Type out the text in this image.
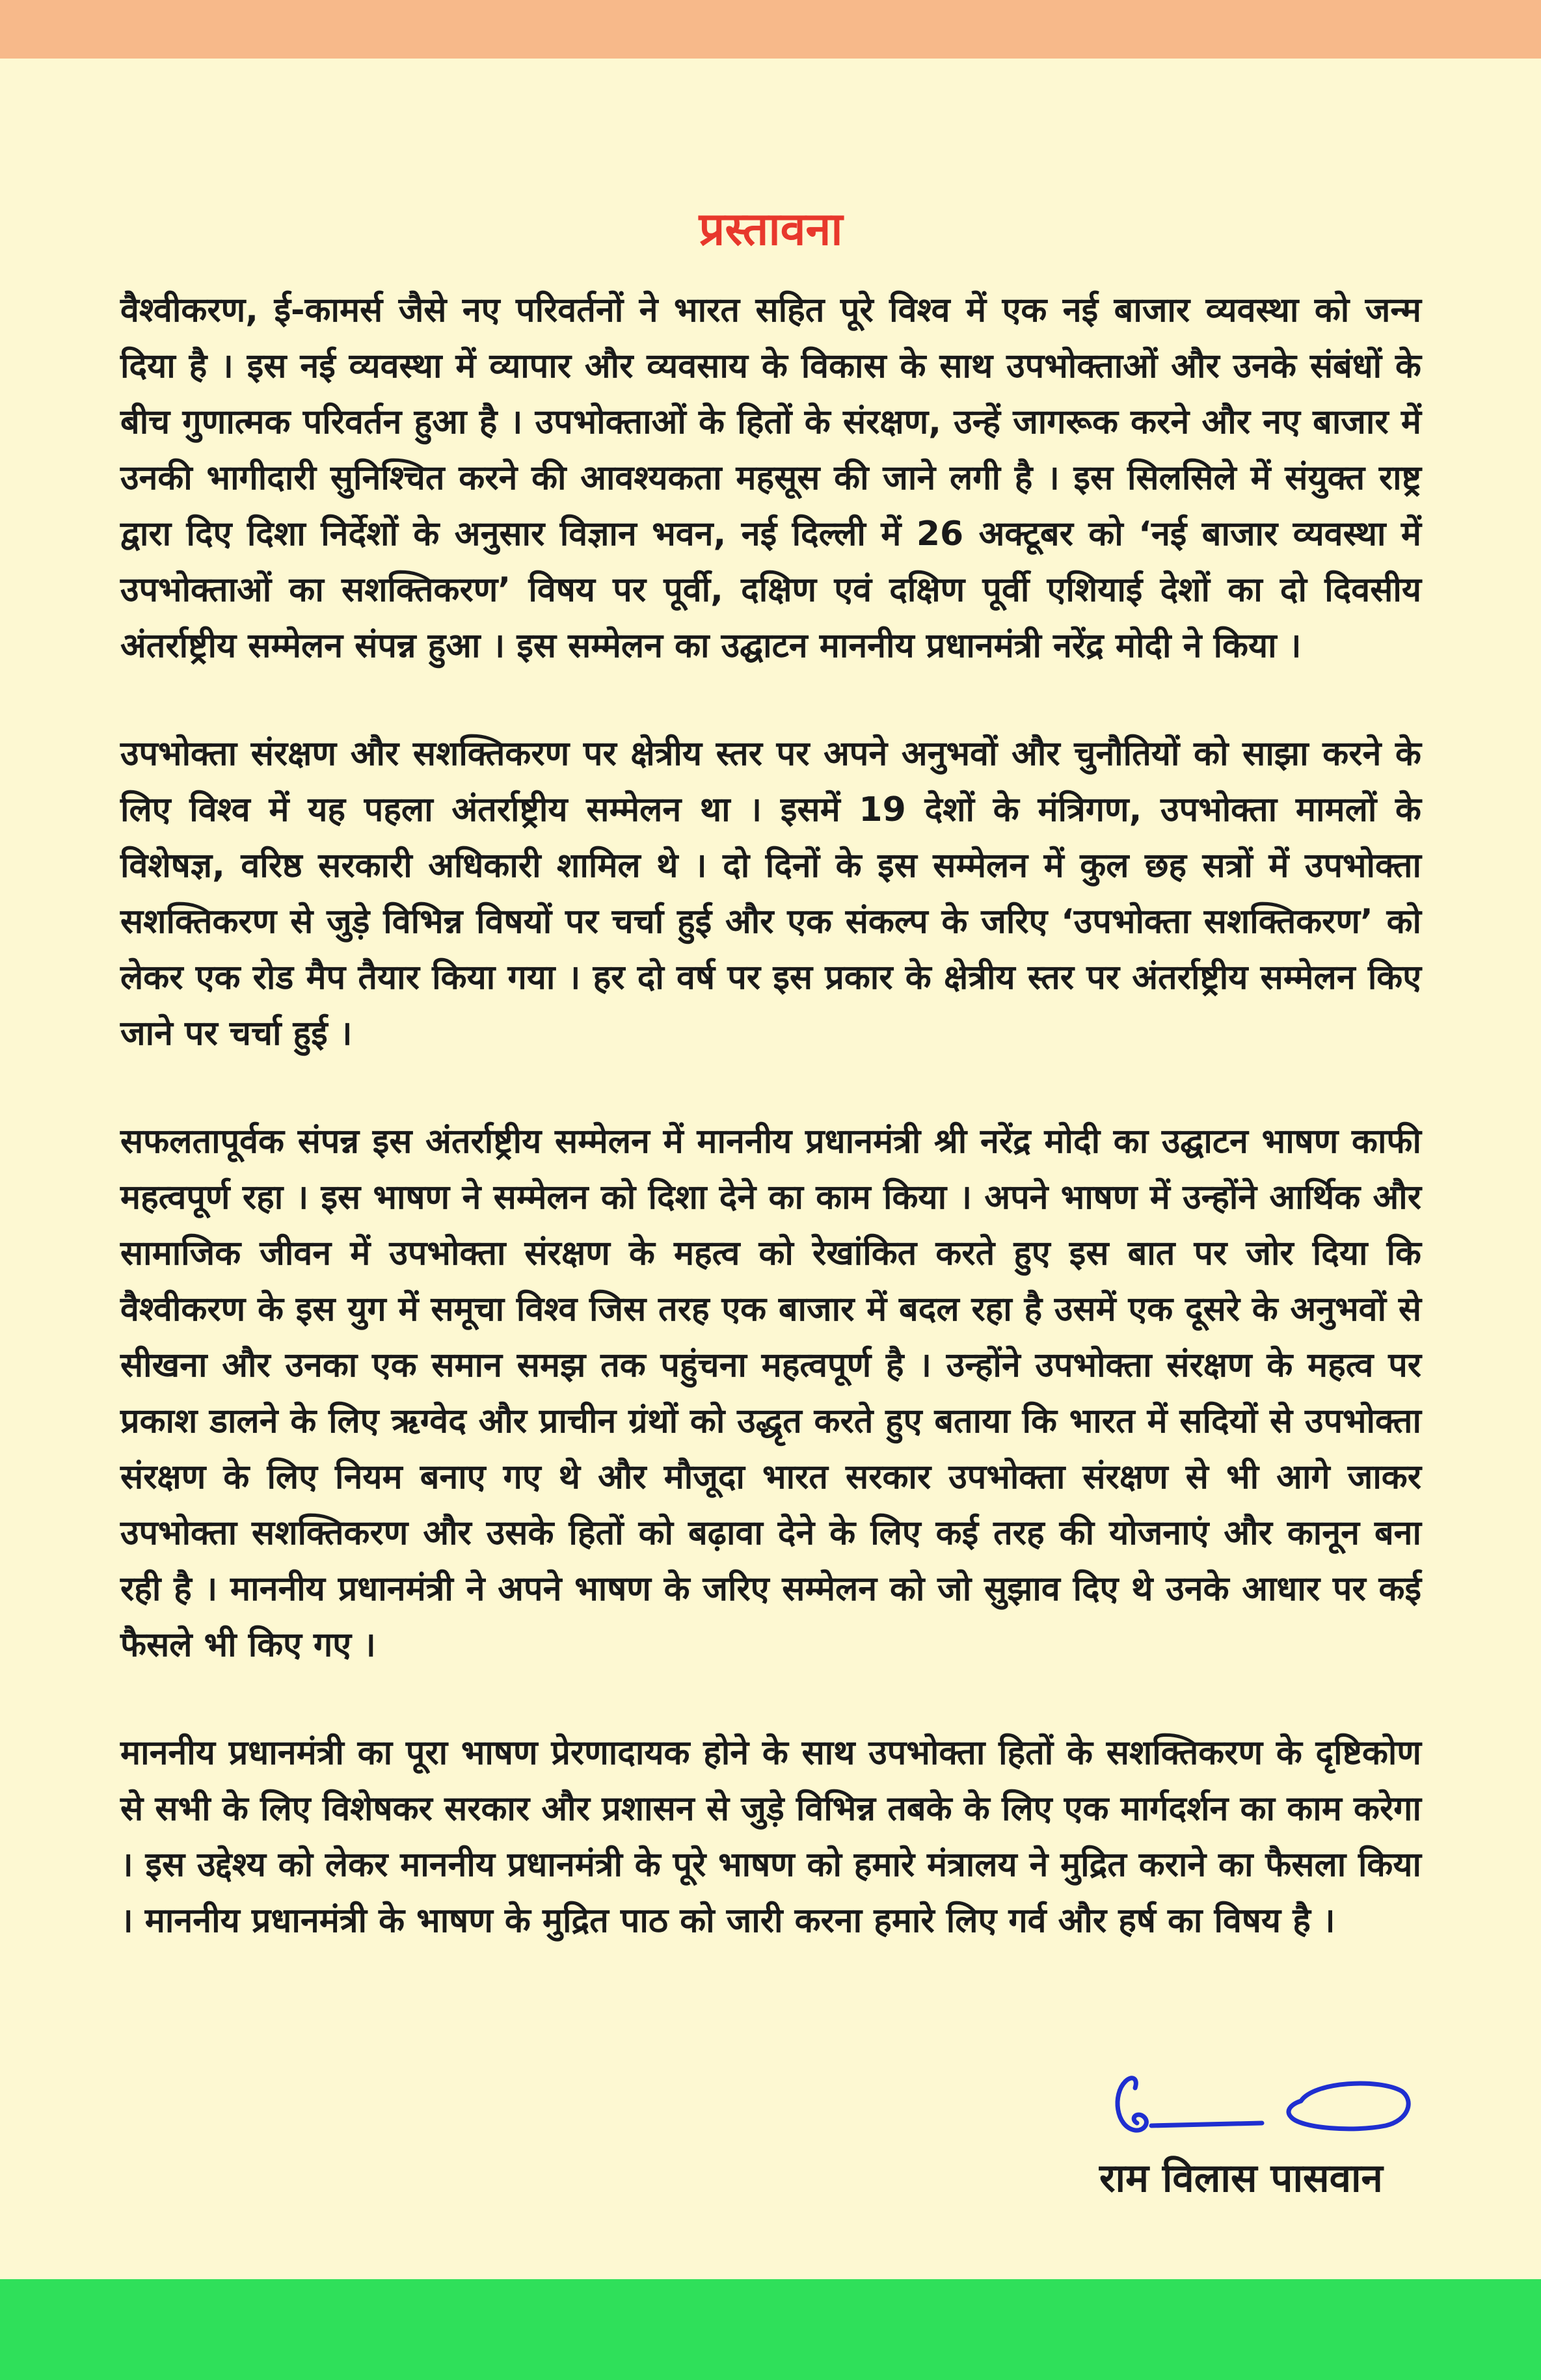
प्रस्तावना

वैश्वीकरण, ई-कामर्स जैसे नए परिवर्तनों ने भारत सहित पूरे विश्व में एक नई बाजार व्यवस्था को जन्म दिया है । इस नई व्यवस्था में व्यापार और व्यवसाय के विकास के साथ उपभोक्ताओं और उनके संबंधों के बीच गुणात्मक परिवर्तन हुआ है । उपभोक्ताओं के हितों के संरक्षण, उन्हें जागरूक करने और नए बाजार में उनकी भागीदारी सुनिश्चित करने की आवश्यकता महसूस की जाने लगी है । इस सिलसिले में संयुक्त राष्ट्र द्वारा दिए दिशा निर्देशों के अनुसार विज्ञान भवन, नई दिल्ली में 26 अक्टूबर को ‘नई बाजार व्यवस्था में उपभोक्ताओं का सशक्तिकरण’ विषय पर पूर्वी, दक्षिण एवं दक्षिण पूर्वी एशियाई देशों का दो दिवसीय अंतर्राष्ट्रीय सम्मेलन संपन्न हुआ । इस सम्मेलन का उद्घाटन माननीय प्रधानमंत्री नरेंद्र मोदी ने किया ।

उपभोक्ता संरक्षण और सशक्तिकरण पर क्षेत्रीय स्तर पर अपने अनुभवों और चुनौतियों को साझा करने के लिए विश्व में यह पहला अंतर्राष्ट्रीय सम्मेलन था । इसमें 19 देशों के मंत्रिगण, उपभोक्ता मामलों के विशेषज्ञ, वरिष्ठ सरकारी अधिकारी शामिल थे । दो दिनों के इस सम्मेलन में कुल छह सत्रों में उपभोक्ता सशक्तिकरण से जुड़े विभिन्न विषयों पर चर्चा हुई और एक संकल्प के जरिए ‘उपभोक्ता सशक्तिकरण’ को लेकर एक रोड मैप तैयार किया गया । हर दो वर्ष पर इस प्रकार के क्षेत्रीय स्तर पर अंतर्राष्ट्रीय सम्मेलन किए जाने पर चर्चा हुई ।

सफलतापूर्वक संपन्न इस अंतर्राष्ट्रीय सम्मेलन में माननीय प्रधानमंत्री श्री नरेंद्र मोदी का उद्घाटन भाषण काफी महत्वपूर्ण रहा । इस भाषण ने सम्मेलन को दिशा देने का काम किया । अपने भाषण में उन्होंने आर्थिक और सामाजिक जीवन में उपभोक्ता संरक्षण के महत्व को रेखांकित करते हुए इस बात पर जोर दिया कि वैश्वीकरण के इस युग में समूचा विश्व जिस तरह एक बाजार में बदल रहा है उसमें एक दूसरे के अनुभवों से सीखना और उनका एक समान समझ तक पहुंचना महत्वपूर्ण है । उन्होंने उपभोक्ता संरक्षण के महत्व पर प्रकाश डालने के लिए ऋग्वेद और प्राचीन ग्रंथों को उद्धृत करते हुए बताया कि भारत में सदियों से उपभोक्ता संरक्षण के लिए नियम बनाए गए थे और मौजूदा भारत सरकार उपभोक्ता संरक्षण से भी आगे जाकर उपभोक्ता सशक्तिकरण और उसके हितों को बढ़ावा देने के लिए कई तरह की योजनाएं और कानून बना रही है । माननीय प्रधानमंत्री ने अपने भाषण के जरिए सम्मेलन को जो सुझाव दिए थे उनके आधार पर कई फैसले भी किए गए ।

माननीय प्रधानमंत्री का पूरा भाषण प्रेरणादायक होने के साथ उपभोक्ता हितों के सशक्तिकरण के दृष्टिकोण से सभी के लिए विशेषकर सरकार और प्रशासन से जुड़े विभिन्न तबके के लिए एक मार्गदर्शन का काम करेगा । इस उद्देश्य को लेकर माननीय प्रधानमंत्री के पूरे भाषण को हमारे मंत्रालय ने मुद्रित कराने का फैसला किया । माननीय प्रधानमंत्री के भाषण के मुद्रित पाठ को जारी करना हमारे लिए गर्व और हर्ष का विषय है ।

राम विलास पासवान
